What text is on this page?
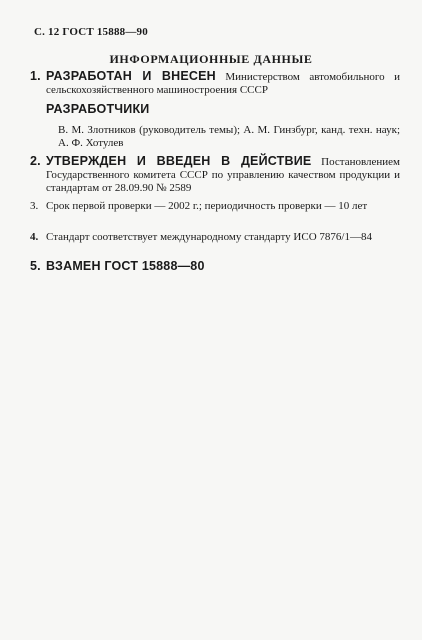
С. 12 ГОСТ 15888—90
ИНФОРМАЦИОННЫЕ ДАННЫЕ
1. РАЗРАБОТАН И ВНЕСЕН Министерством автомобильного и сельскохозяйственного машиностроения СССР
РАЗРАБОТЧИКИ
В. М. Злотников (руководитель темы); А. М. Гинзбург, канд. техн. наук; А. Ф. Хотулев
2. УТВЕРЖДЕН И ВВЕДЕН В ДЕЙСТВИЕ Постановлением Государственного комитета СССР по управлению качеством продукции и стандартам от 28.09.90 № 2589
3. Срок первой проверки — 2002 г.; периодичность проверки — 10 лет
4. Стандарт соответствует международному стандарту ИСО 7876/1—84
5. ВЗАМЕН ГОСТ 15888—80
